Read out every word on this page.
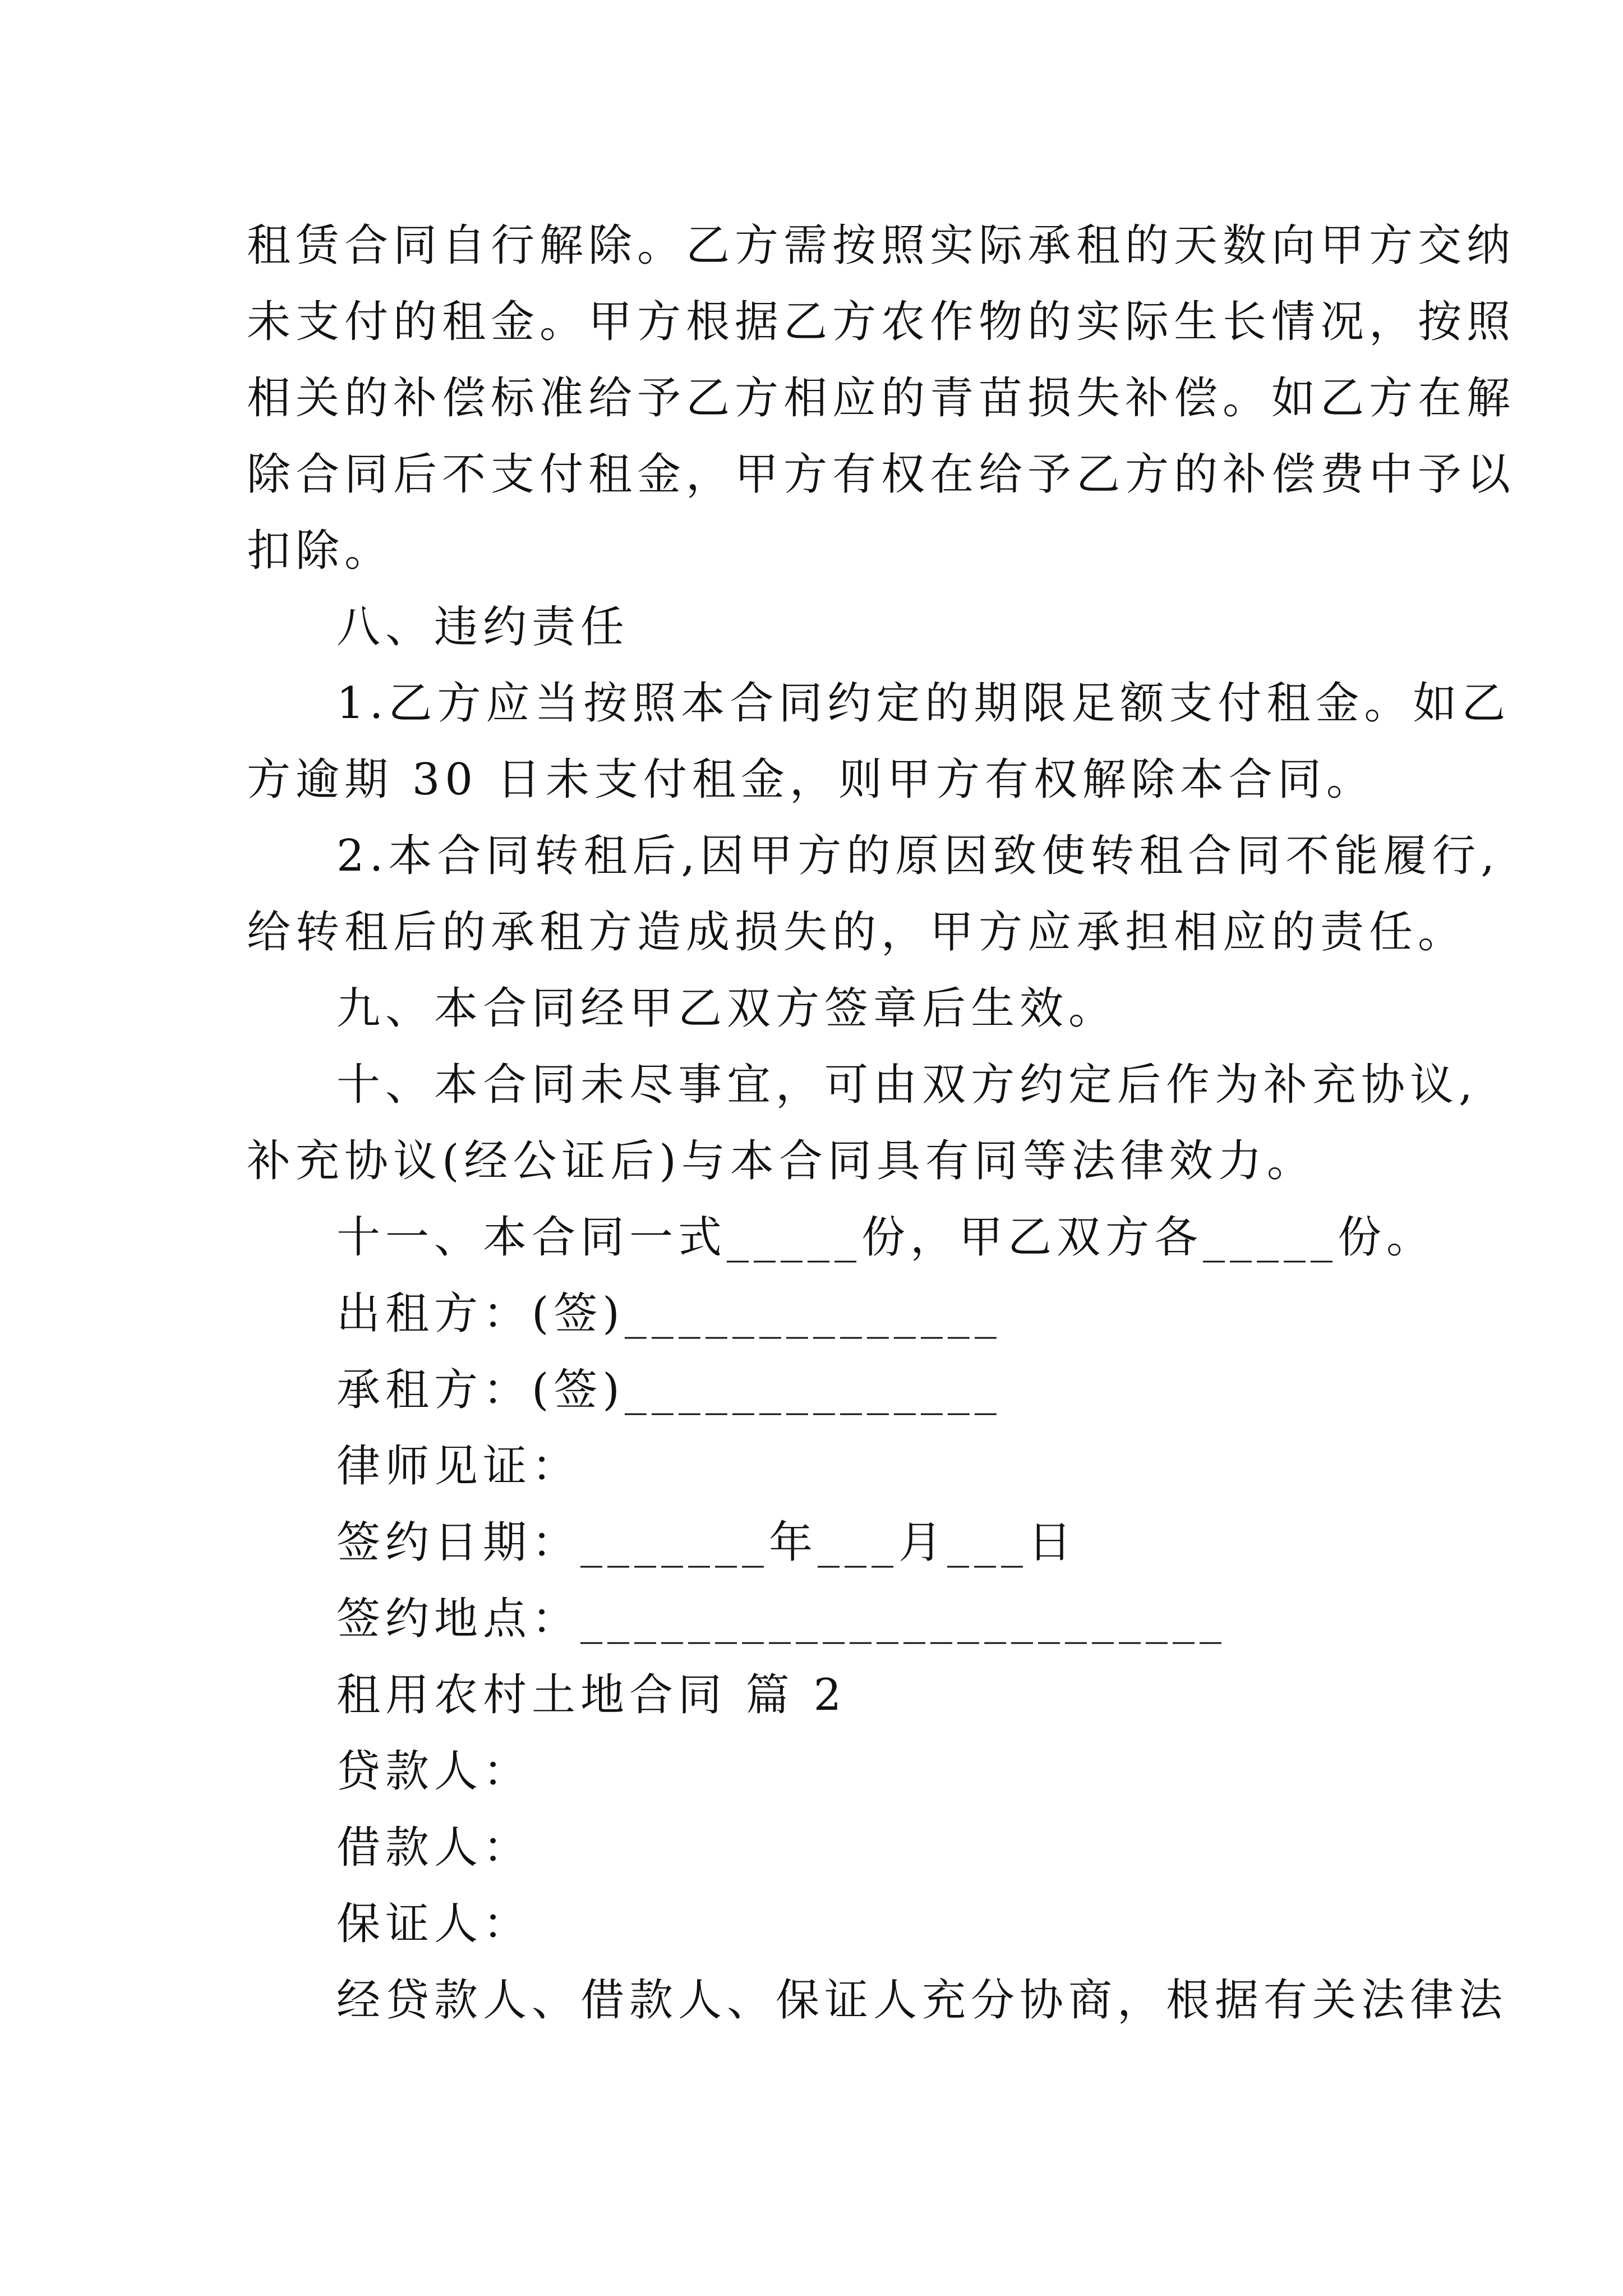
租赁合同自行解除。乙方需按照实际承租的天数向甲方交纳
未支付的租金。甲方根据乙方农作物的实际生长情况，按照
相关的补偿标准给予乙方相应的青苗损失补偿。如乙方在解
除合同后不支付租金，甲方有权在给予乙方的补偿费中予以
扣除。
八、违约责任
1.乙方应当按照本合同约定的期限足额支付租金。如乙
方逾期 30 日未支付租金，则甲方有权解除本合同。
2.本合同转租后,因甲方的原因致使转租合同不能履行,
给转租后的承租方造成损失的，甲方应承担相应的责任。
九、本合同经甲乙双方签章后生效。
十、本合同未尽事宜，可由双方约定后作为补充协议,
补充协议(经公证后)与本合同具有同等法律效力。
十一、本合同一式_____份，甲乙双方各_____份。
出租方：(签)______________
承租方：(签)______________
律师见证：
签约日期：_______年___月___日
签约地点：________________________
租用农村土地合同 篇 2
贷款人：
借款人：
保证人：
经贷款人、借款人、保证人充分协商，根据有关法律法
